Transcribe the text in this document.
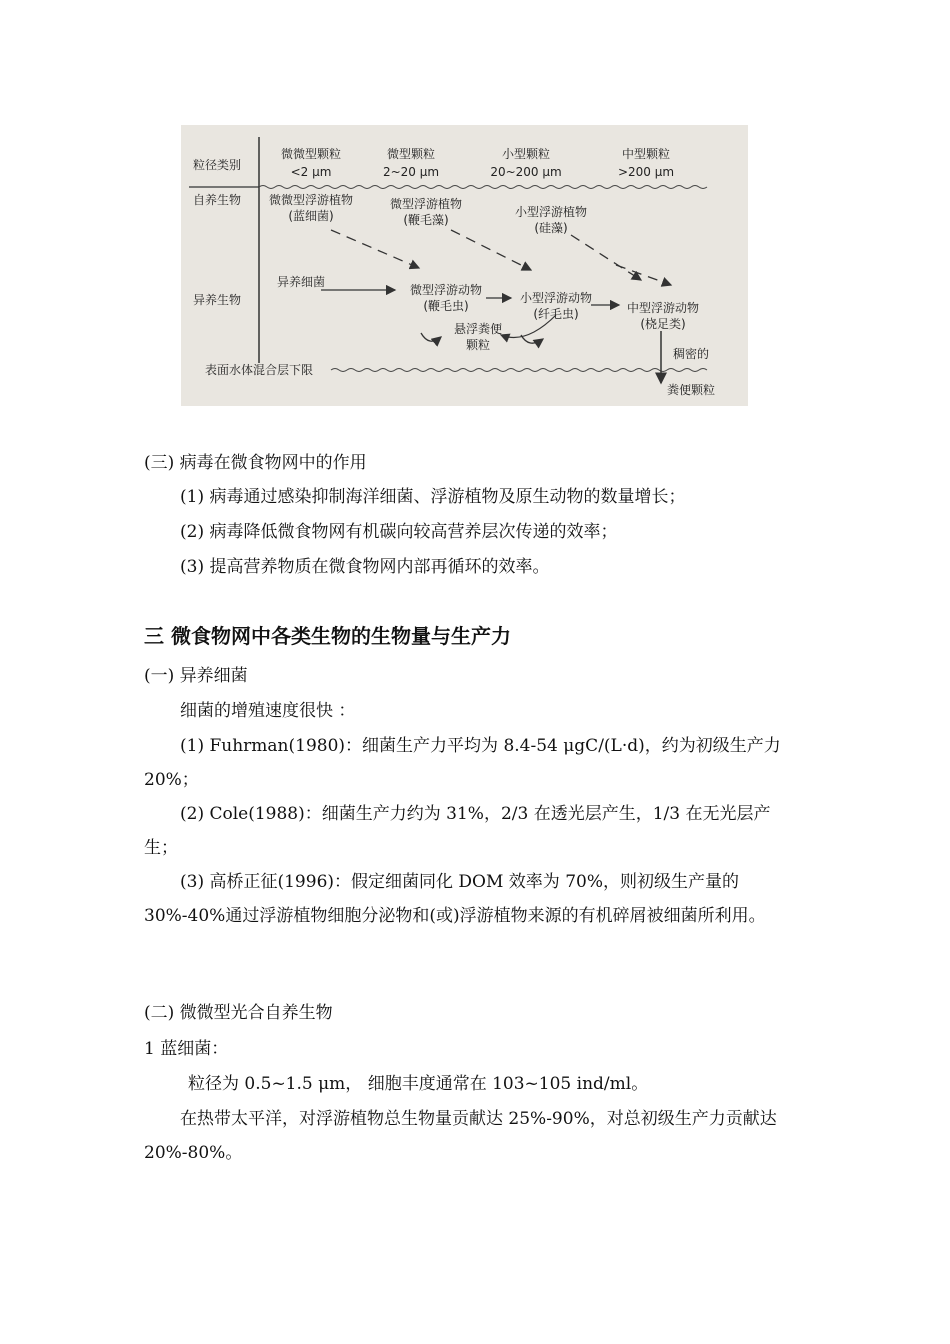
粒径类别
微微型颗粒
<2 μm
微型颗粒
2~20 μm
小型颗粒
20~200 μm
中型颗粒
>200 μm
自养生物
异养生物
微微型浮游植物
(蓝细菌)
微型浮游植物
(鞭毛藻)
小型浮游植物
(硅藻)
异养细菌
微型浮游动物
(鞭毛虫)
小型浮游动物
(纤毛虫)	中型浮游动物
(桡足类)
悬浮粪便
颗粒
稠密的
粪便颗粒
表面水体混合层下限
(三) 病毒在微食物网中的作用
(1) 病毒通过感染抑制海洋细菌、浮游植物及原生动物的数量增长；
(2) 病毒降低微食物网有机碳向较高营养层次传递的效率；
(3) 提高营养物质在微食物网内部再循环的效率。
三 微食物网中各类生物的生物量与生产力
(一) 异养细菌
细菌的增殖速度很快 ：
(1) Fuhrman(1980)：细菌生产力平均为 8.4-54 μgC/(L·d)，约为初级生产力 20%；
(2) Cole(1988)：细菌生产力约为 31%，2/3 在透光层产生，1/3 在无光层产生；
(3) 高桥正征(1996)：假定细菌同化 DOM 效率为 70%，则初级生产量的 30%-40%通过浮游植物细胞分泌物和(或)浮游植物来源的有机碎屑被细菌所利用。
(二) 微微型光合自养生物
1 蓝细菌：
粒径为 0.5~1.5 μm， 细胞丰度通常在 103~105 ind/ml。
在热带太平洋，对浮游植物总生物量贡献达 25%-90%，对总初级生产力贡献达 20%-80%。
